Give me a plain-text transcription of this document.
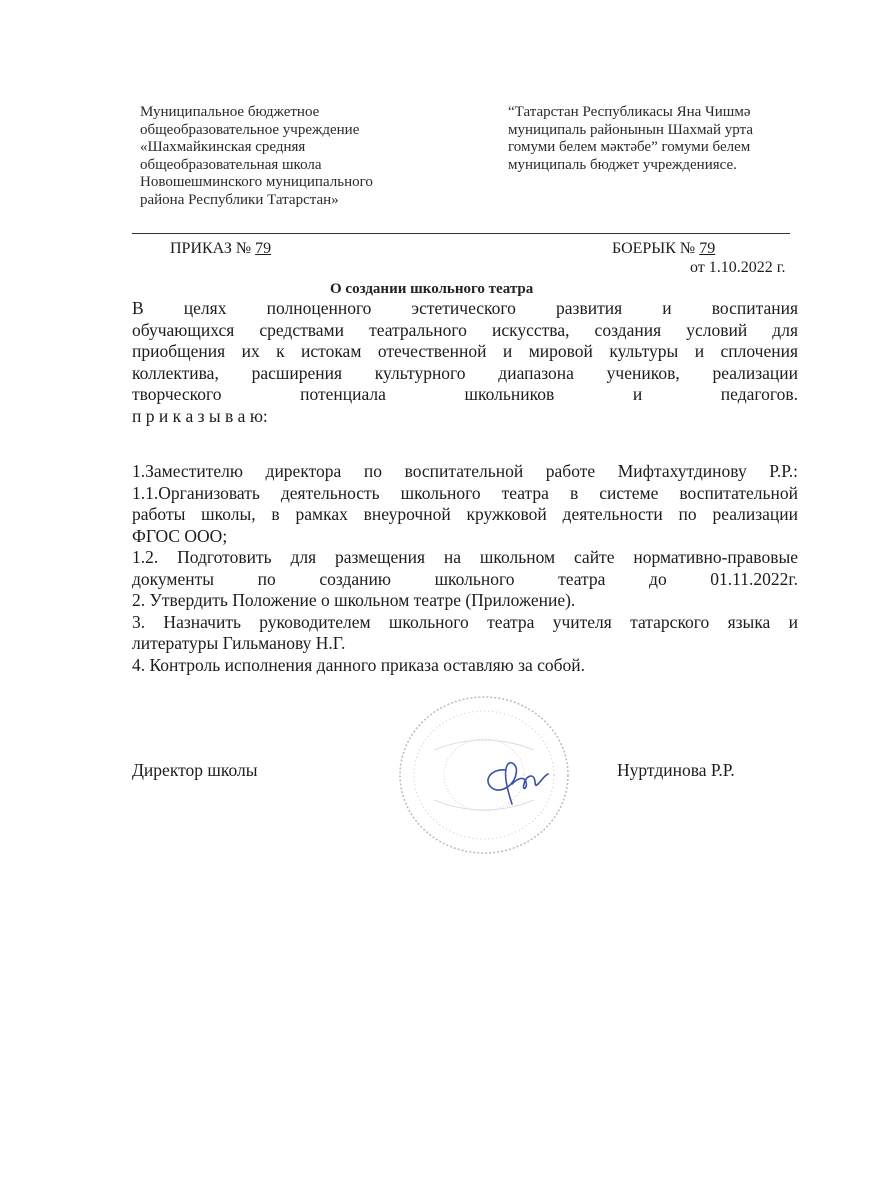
Муниципальное бюджетное
общеобразовательное учреждение
«Шахмайкинская средняя
общеобразовательная школа
Новошешминского муниципального
района Республики Татарстан»
“Татарстан Республикасы Яна Чишмә
муниципаль районынын Шахмай урта
гомуми белем мәктәбе” гомуми белем
муниципаль бюджет учреждениясе.
ПРИКАЗ № 79	БОЕРЫК № 79
от 1.10.2022 г.
О создании школьного театра
В целях полноценного эстетического развития и воспитания
обучающихся средствами театрального искусства, создания условий для
приобщения их к истокам отечественной и мировой культуры и сплочения
коллектива, расширения культурного диапазона учеников, реализации
творческого потенциала школьников и педагогов.
п р и к а з ы в а ю:
1.Заместителю директора по воспитательной работе Мифтахутдинову Р.Р.:
1.1.Организовать деятельность школьного театра в системе воспитательной
работы школы, в рамках внеурочной кружковой деятельности по реализации
ФГОС ООО;
1.2. Подготовить для размещения на школьном сайте нормативно-правовые
документы по созданию школьного театра до 01.11.2022г.
2. Утвердить Положение о школьном театре (Приложение).
3. Назначить руководителем школьного театра учителя татарского языка и
литературы Гильманову Н.Г.
4. Контроль исполнения данного приказа оставляю за собой.
Директор школы	Нуртдинова Р.Р.
